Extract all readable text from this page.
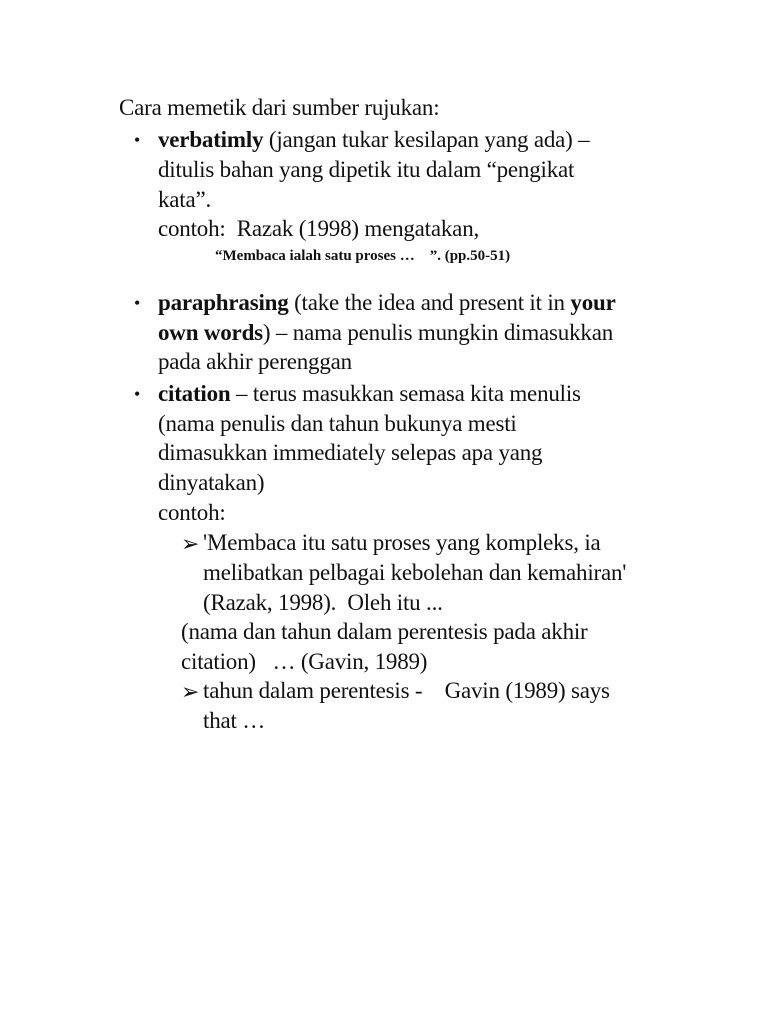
Cara memetik dari sumber rujukan:
• verbatimly (jangan tukar kesilapan yang ada) –
ditulis bahan yang dipetik itu dalam “pengikat
kata”.
contoh:  Razak (1998) mengatakan,
“Membaca ialah satu proses …    ”. (pp.50-51)
• paraphrasing (take the idea and present it in your
own words) – nama penulis mungkin dimasukkan
pada akhir perenggan
• citation – terus masukkan semasa kita menulis
(nama penulis dan tahun bukunya mesti
dimasukkan immediately selepas apa yang
dinyatakan)
contoh:
➢ 'Membaca itu satu proses yang kompleks, ia
melibatkan pelbagai kebolehan dan kemahiran'
(Razak, 1998).  Oleh itu ...
(nama dan tahun dalam perentesis pada akhir
citation)   … (Gavin, 1989)
➢ tahun dalam perentesis -    Gavin (1989) says
that …
